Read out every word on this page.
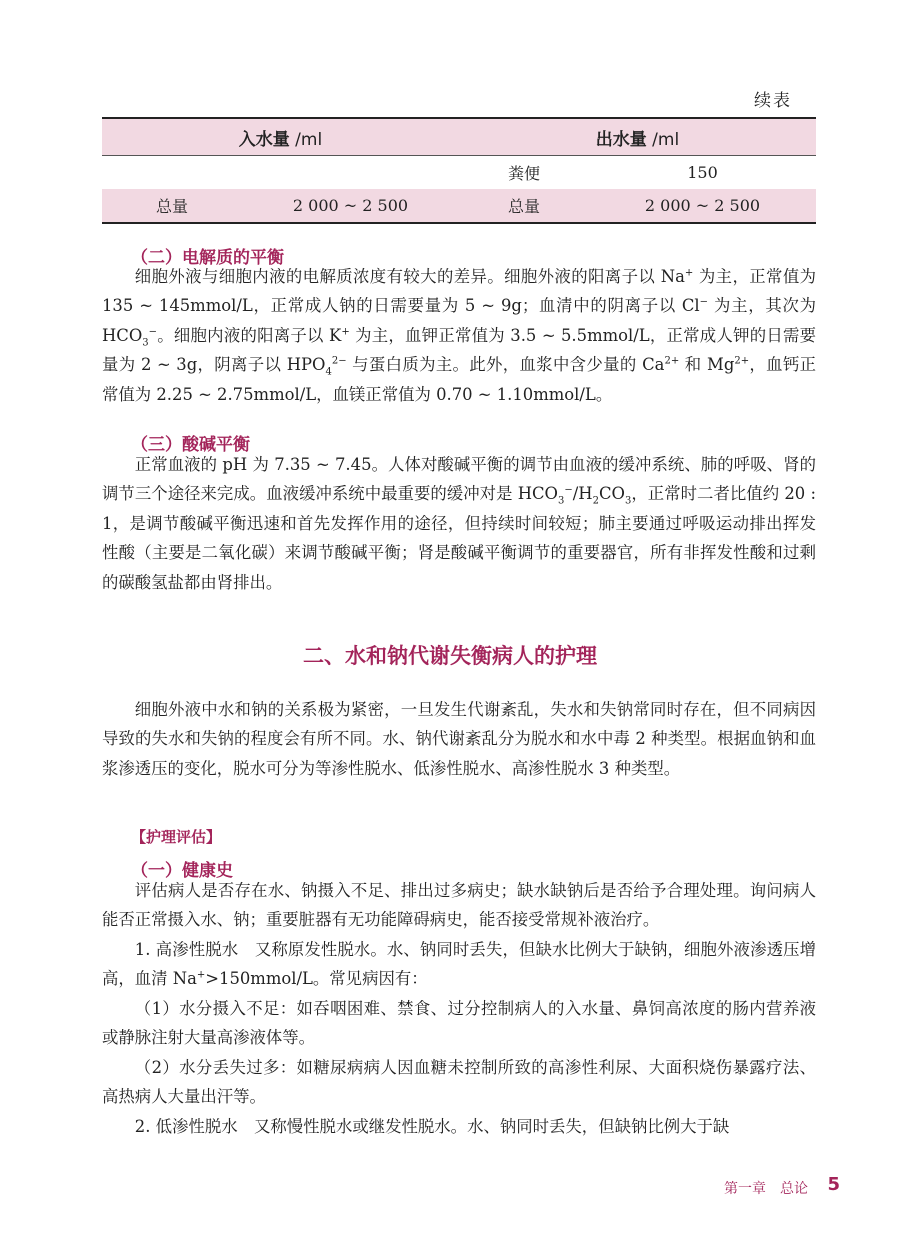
续表
入水量 /ml		出水量 /ml	
		粪便	150
总量	2 000 ~ 2 500	总量	2 000 ~ 2 500
（二）电解质的平衡

细胞外液与细胞内液的电解质浓度有较大的差异。细胞外液的阳离子以 Na+ 为主，正常值为 135 ~ 145mmol/L，正常成人钠的日需要量为 5 ~ 9g；血清中的阴离子以 Cl− 为主，其次为 $HCO_3^-$。细胞内液的阳离子以 K+ 为主，血钾正常值为 3.5 ~ 5.5mmol/L，正常成人钾的日需要量为 2 ~ 3g，阴离子以 $HPO_4^{2-}$ 与蛋白质为主。此外，血浆中含少量的 $Ca^{2+}$ 和 $Mg^{2+}$，血钙正常值为 2.25 ~ 2.75mmol/L，血镁正常值为 0.70 ~ 1.10mmol/L。

（三）酸碱平衡

正常血液的 pH 为 7.35 ~ 7.45。人体对酸碱平衡的调节由血液的缓冲系统、肺的呼吸、肾的调节三个途径来完成。血液缓冲系统中最重要的缓冲对是 $HCO_3^-/H_2CO_3$，正常时二者比值约 20 : 1，是调节酸碱平衡迅速和首先发挥作用的途径，但持续时间较短；肺主要通过呼吸运动排出挥发性酸（主要是二氧化碳）来调节酸碱平衡；肾是酸碱平衡调节的重要器官，所有非挥发性酸和过剩的碳酸氢盐都由肾排出。

二、水和钠代谢失衡病人的护理

细胞外液中水和钠的关系极为紧密，一旦发生代谢紊乱，失水和失钠常同时存在，但不同病因导致的失水和失钠的程度会有所不同。水、钠代谢紊乱分为脱水和水中毒 2 种类型。根据血钠和血浆渗透压的变化，脱水可分为等渗性脱水、低渗性脱水、高渗性脱水 3 种类型。

【护理评估】
（一）健康史

评估病人是否存在水、钠摄入不足、排出过多病史；缺水缺钠后是否给予合理处理。询问病人能否正常摄入水、钠；重要脏器有无功能障碍病史，能否接受常规补液治疗。

1. 高渗性脱水　又称原发性脱水。水、钠同时丢失，但缺水比例大于缺钠，细胞外液渗透压增高，血清 Na+>150mmol/L。常见病因有：

（1）水分摄入不足：如吞咽困难、禁食、过分控制病人的入水量、鼻饲高浓度的肠内营养液或静脉注射大量高渗液体等。

（2）水分丢失过多：如糖尿病病人因血糖未控制所致的高渗性利尿、大面积烧伤暴露疗法、高热病人大量出汗等。

2. 低渗性脱水　又称慢性脱水或继发性脱水。水、钠同时丢失，但缺钠比例大于缺

第一章　总论 5
